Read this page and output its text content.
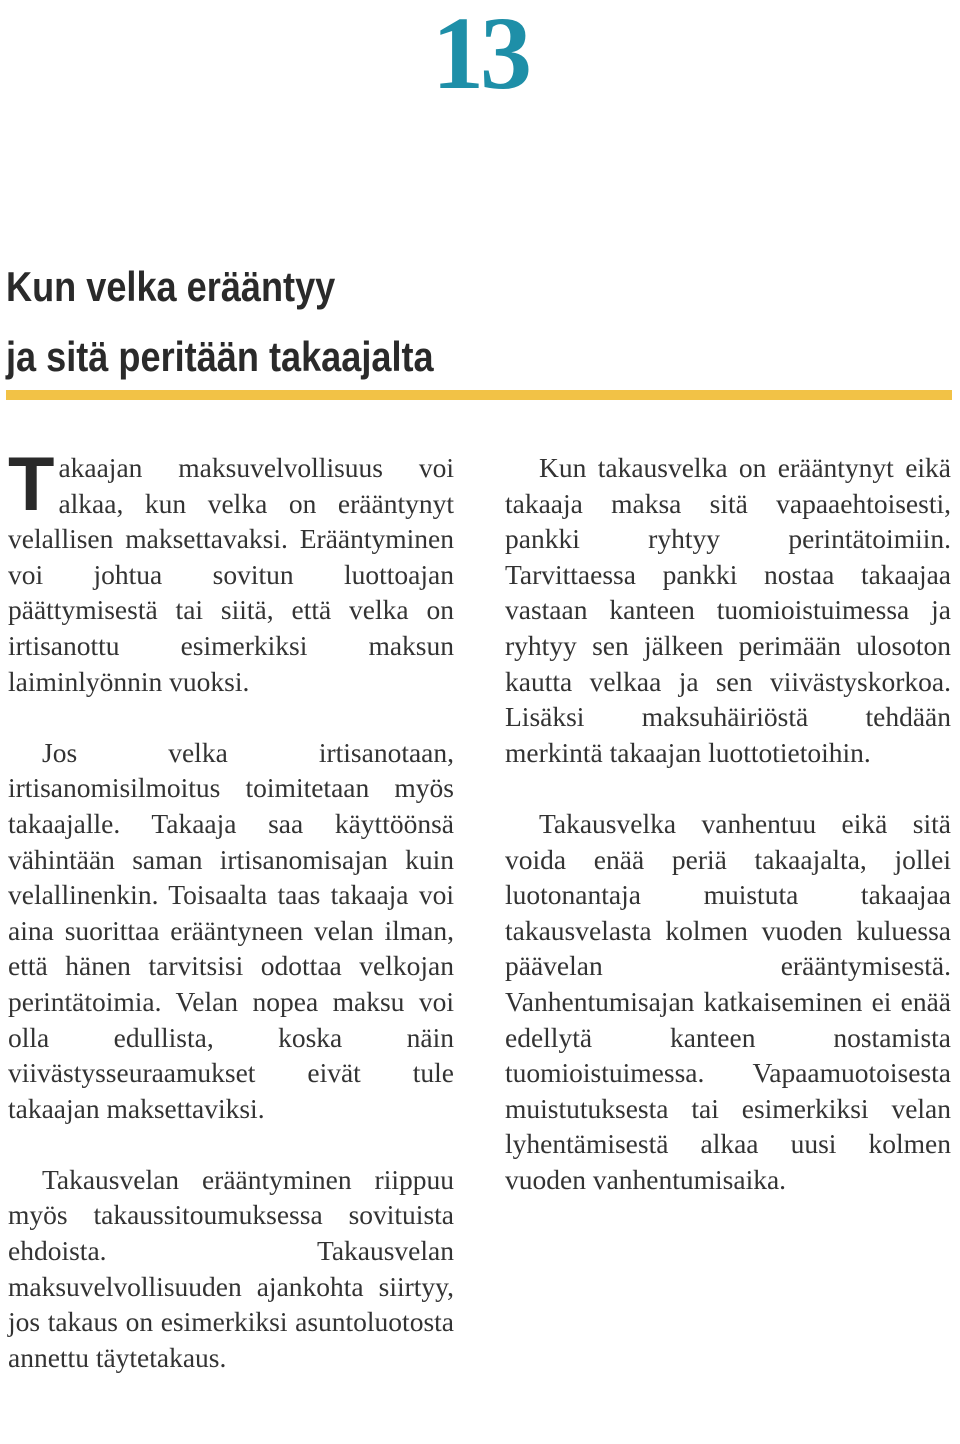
13
Kun velka erääntyy
ja sitä peritään takaajalta

Takaajan maksuvelvollisuus voi alkaa, kun velka on erääntynyt velallisen maksettavaksi. Erääntyminen voi johtua sovitun luottoajan päättymisestä tai siitä, että velka on irtisanottu esimerkiksi maksun laiminlyönnin vuoksi.

Jos velka irtisanotaan, irtisanomisilmoitus toimitetaan myös takaajalle. Takaaja saa käyttöönsä vähintään saman irtisanomisajan kuin velallinenkin. Toisaalta taas takaaja voi aina suorittaa erääntyneen velan ilman, että hänen tarvitsisi odottaa velkojan perintätoimia. Velan nopea maksu voi olla edullista, koska näin viivästysseuraamukset eivät tule takaajan maksettaviksi.

Takausvelan erääntyminen riippuu myös takaussitoumuksessa sovituista ehdoista. Takausvelan maksuvelvollisuuden ajankohta siirtyy, jos takaus on esimerkiksi asuntoluotosta annettu täytetakaus.

Kun takausvelka on erääntynyt eikä takaaja maksa sitä vapaaehtoisesti, pankki ryhtyy perintätoimiin. Tarvittaessa pankki nostaa takaajaa vastaan kanteen tuomioistuimessa ja ryhtyy sen jälkeen perimään ulosoton kautta velkaa ja sen viivästyskorkoa. Lisäksi maksuhäiriöstä tehdään merkintä takaajan luottotietoihin.

Takausvelka vanhentuu eikä sitä voida enää periä takaajalta, jollei luotonantaja muistuta takaajaa takausvelasta kolmen vuoden kuluessa päävelan erääntymisestä. Vanhentumisajan katkaiseminen ei enää edellytä kanteen nostamista tuomioistuimessa. Vapaamuotoisesta muistutuksesta tai esimerkiksi velan lyhentämisestä alkaa uusi kolmen vuoden vanhentumisaika.
